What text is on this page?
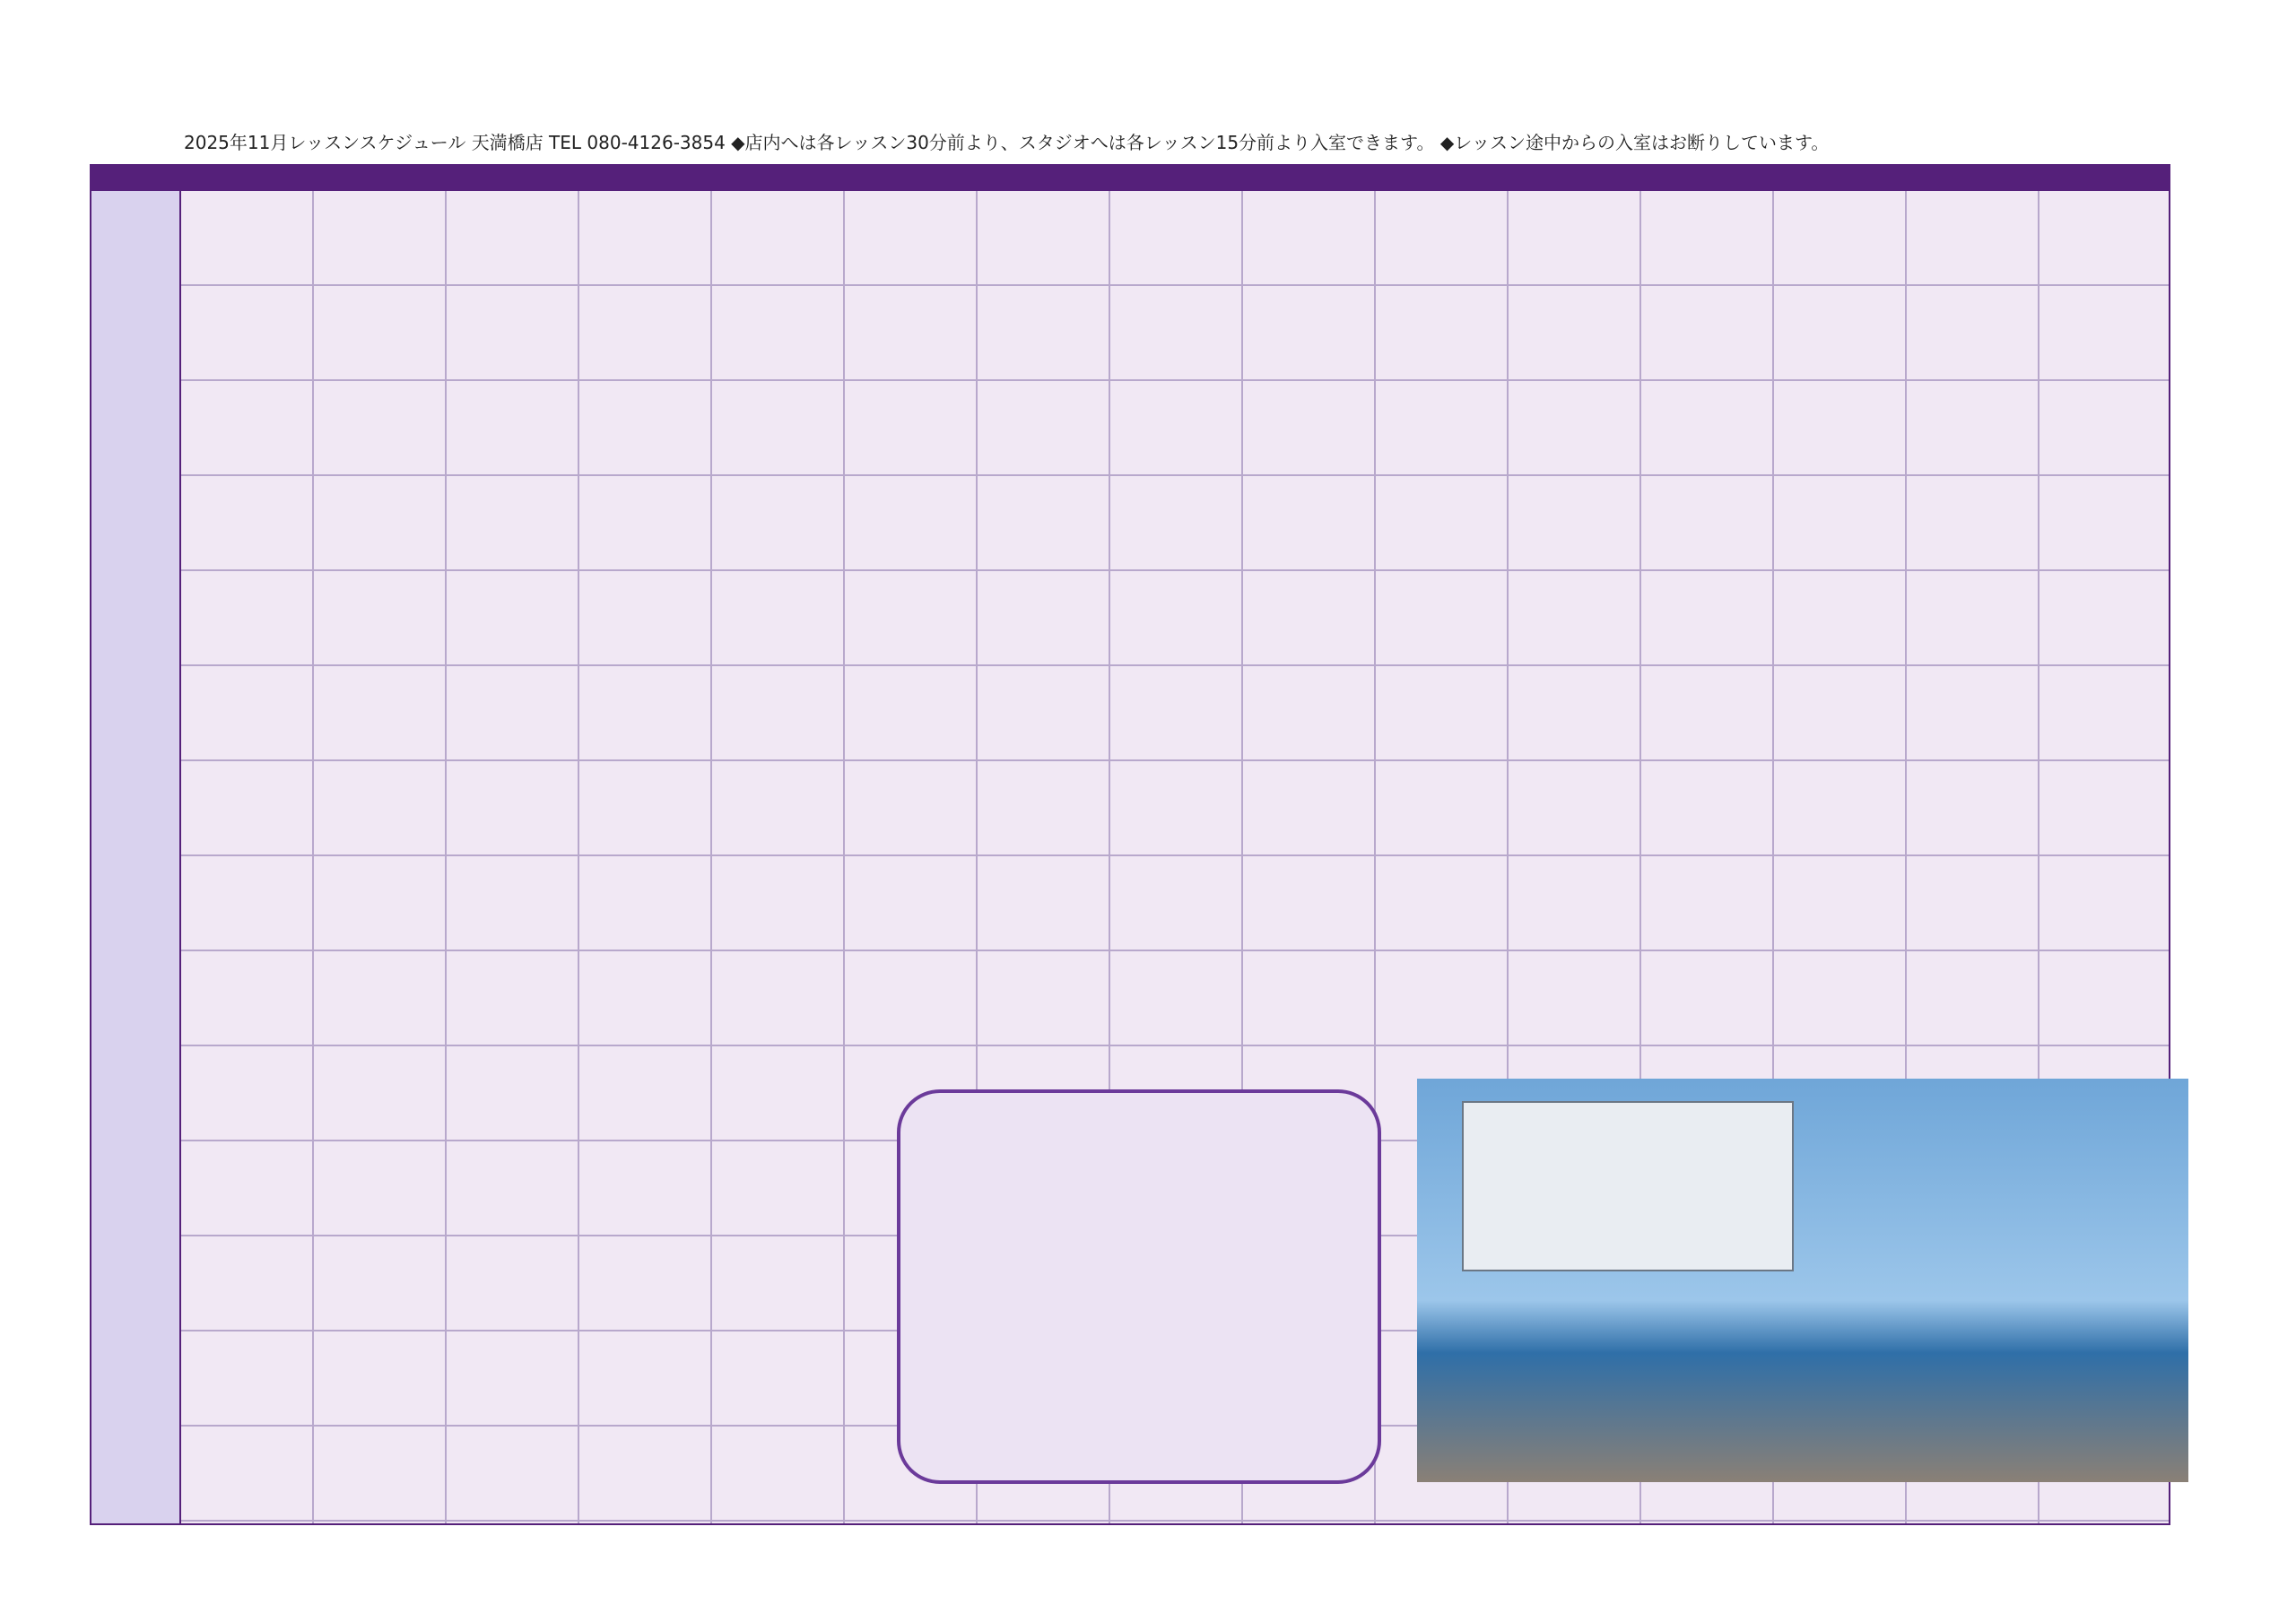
2025年11月レッスンスケジュール 天満橋店 TEL 080-4126-3854 ◆店内へは各レッスン30分前より、スタジオへは各レッスン15分前より入室できます。 ◆レッスン途中からの入室はお断りしています。
